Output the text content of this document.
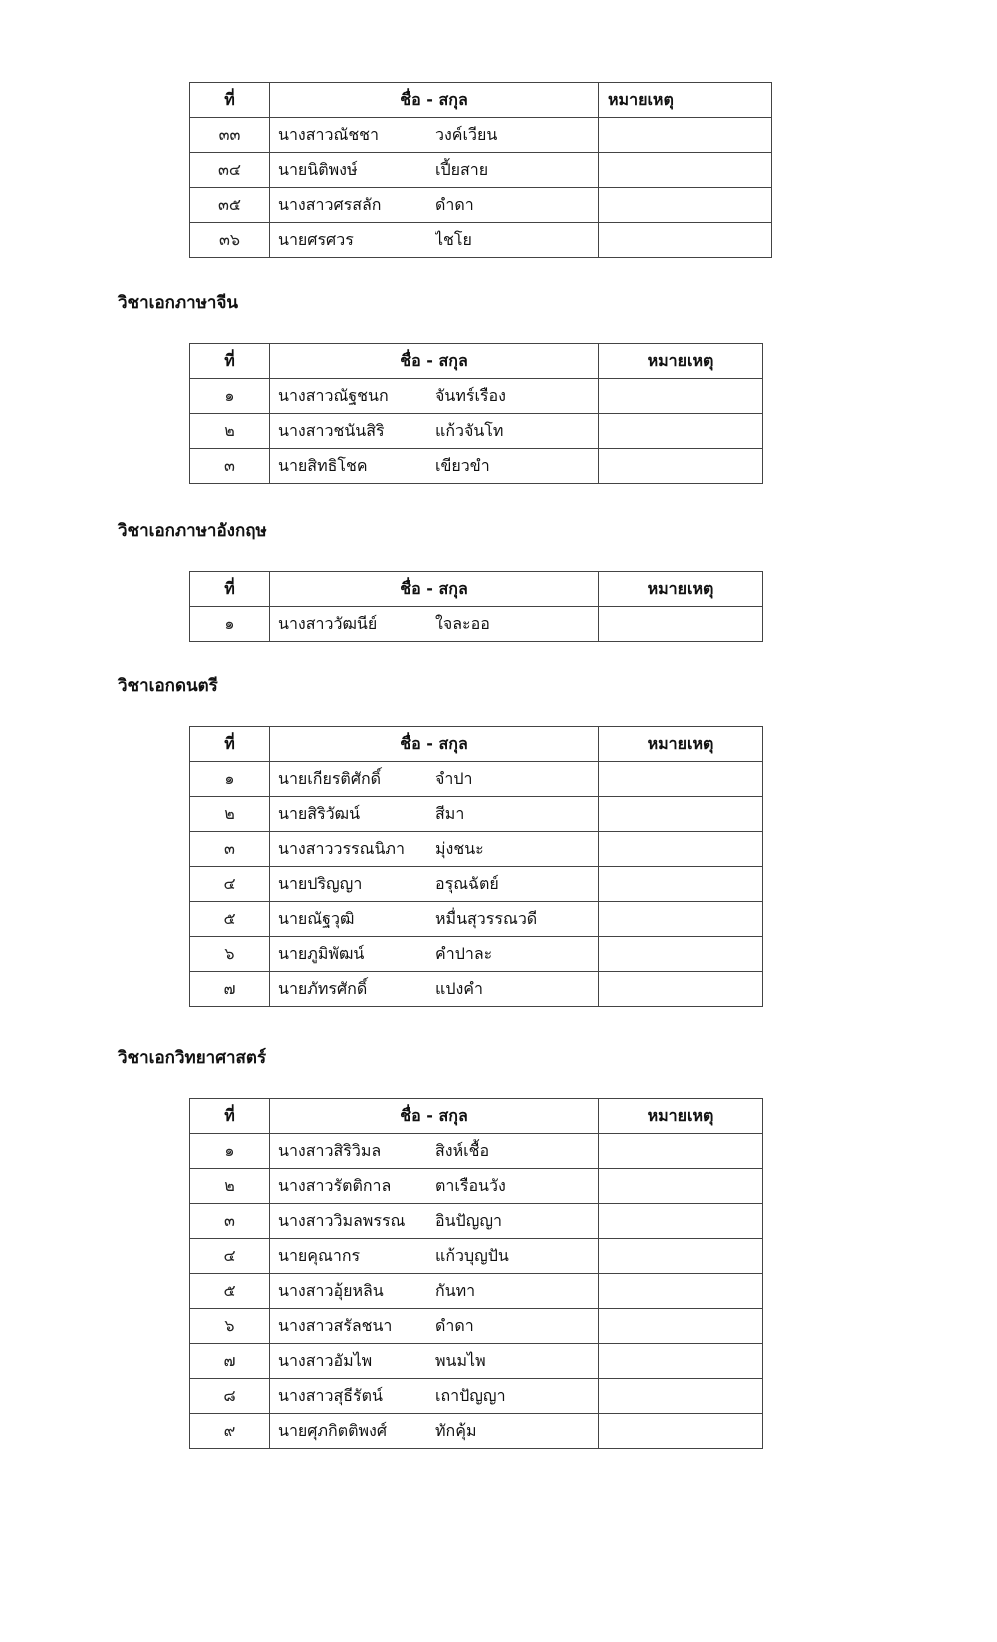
ที่	ชื่อ - สกุล	หมายเหตุ
๓๓	นางสาวณัชชา วงค์เวียน	
๓๔	นายนิติพงษ์ เปี้ยสาย	
๓๕	นางสาวศรสลัก ดำดา	
๓๖	นายศรศวร ไชโย	
วิชาเอกภาษาจีน
ที่	ชื่อ - สกุล	หมายเหตุ
๑	นางสาวณัฐชนก จันทร์เรือง	
๒	นางสาวชนันสิริ แก้วจันโท	
๓	นายสิทธิโชค เขียวขำ	
วิชาเอกภาษาอังกฤษ
ที่	ชื่อ - สกุล	หมายเหตุ
๑	นางสาววัฒนีย์ ใจละออ	
วิชาเอกดนตรี
ที่	ชื่อ - สกุล	หมายเหตุ
๑	นายเกียรติศักดิ์ จำปา	
๒	นายสิริวัฒน์ สีมา	
๓	นางสาววรรณนิภา มุ่งชนะ	
๔	นายปริญญา อรุณฉัตย์	
๕	นายณัฐวุฒิ หมื่นสุวรรณวดี	
๖	นายภูมิพัฒน์ คำปาละ	
๗	นายภัทรศักดิ์ แปงคำ	
วิชาเอกวิทยาศาสตร์
ที่	ชื่อ - สกุล	หมายเหตุ
๑	นางสาวสิริวิมล สิงห์เชื้อ	
๒	นางสาวรัตติกาล ตาเรือนวัง	
๓	นางสาววิมลพรรณ อินปัญญา	
๔	นายคุณากร แก้วบุญปัน	
๕	นางสาวอุ้ยหลิน กันทา	
๖	นางสาวสรัลชนา ดำดา	
๗	นางสาวอัมไพ พนมไพ	
๘	นางสาวสุธีรัตน์ เถาปัญญา	
๙	นายศุภกิตติพงศ์ ทักคุ้ม	
